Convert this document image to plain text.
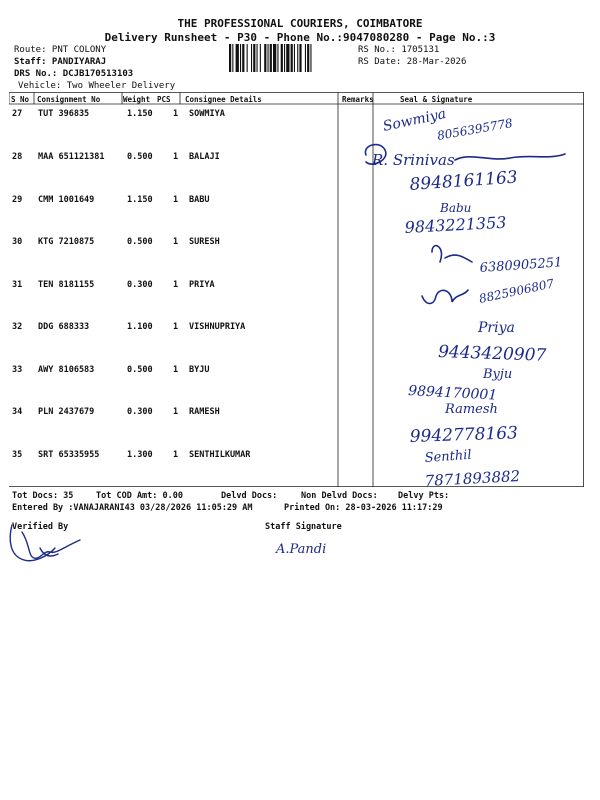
THE PROFESSIONAL COURIERS, COIMBATORE
Delivery Runsheet - P30 - Phone No.:9047080280 - Page No.:3
Route: PNT COLONY
Staff: PANDIYARAJ
DRS No.: DCJB170513103
Vehicle: Two Wheeler Delivery
RS No.: 1705131
RS Date: 28-Mar-2026
S No Consignment No	Weight PCS Consignee Details	Remarks	Seal & Signature
27 TUT 396835	1.150 1 SOWMIYA
28 MAA 651121381	0.500 1 BALAJI
29 CMM 1001649	1.150 1 BABU
30 KTG 7210875	0.500 1 SURESH
31 TEN 8181155	0.300 1 PRIYA
32 DDG 688333	1.100 1 VISHNUPRIYA
33 AWY 8106583	0.500 1 BYJU
34 PLN 2437679	0.300 1 RAMESH
35 SRT 65335955	1.300 1 SENTHILKUMAR
Sowmiya
8056395778
R. Srinivas
8948161163
Babu
9843221353
6380905251
8825906807
Priya
9443420907
Byju
9894170001
Ramesh
9942778163
Senthil
7871893882
Tot Docs: 35	Tot COD Amt: 0.00	Delvd Docs:	Non Delvd Docs: Delvy Pts:
Entered By :VANAJARANI43 03/28/2026 11:05:29 AM	Printed On: 28-03-2026 11:17:29
Verified By	Staff Signature
A.Pandi
